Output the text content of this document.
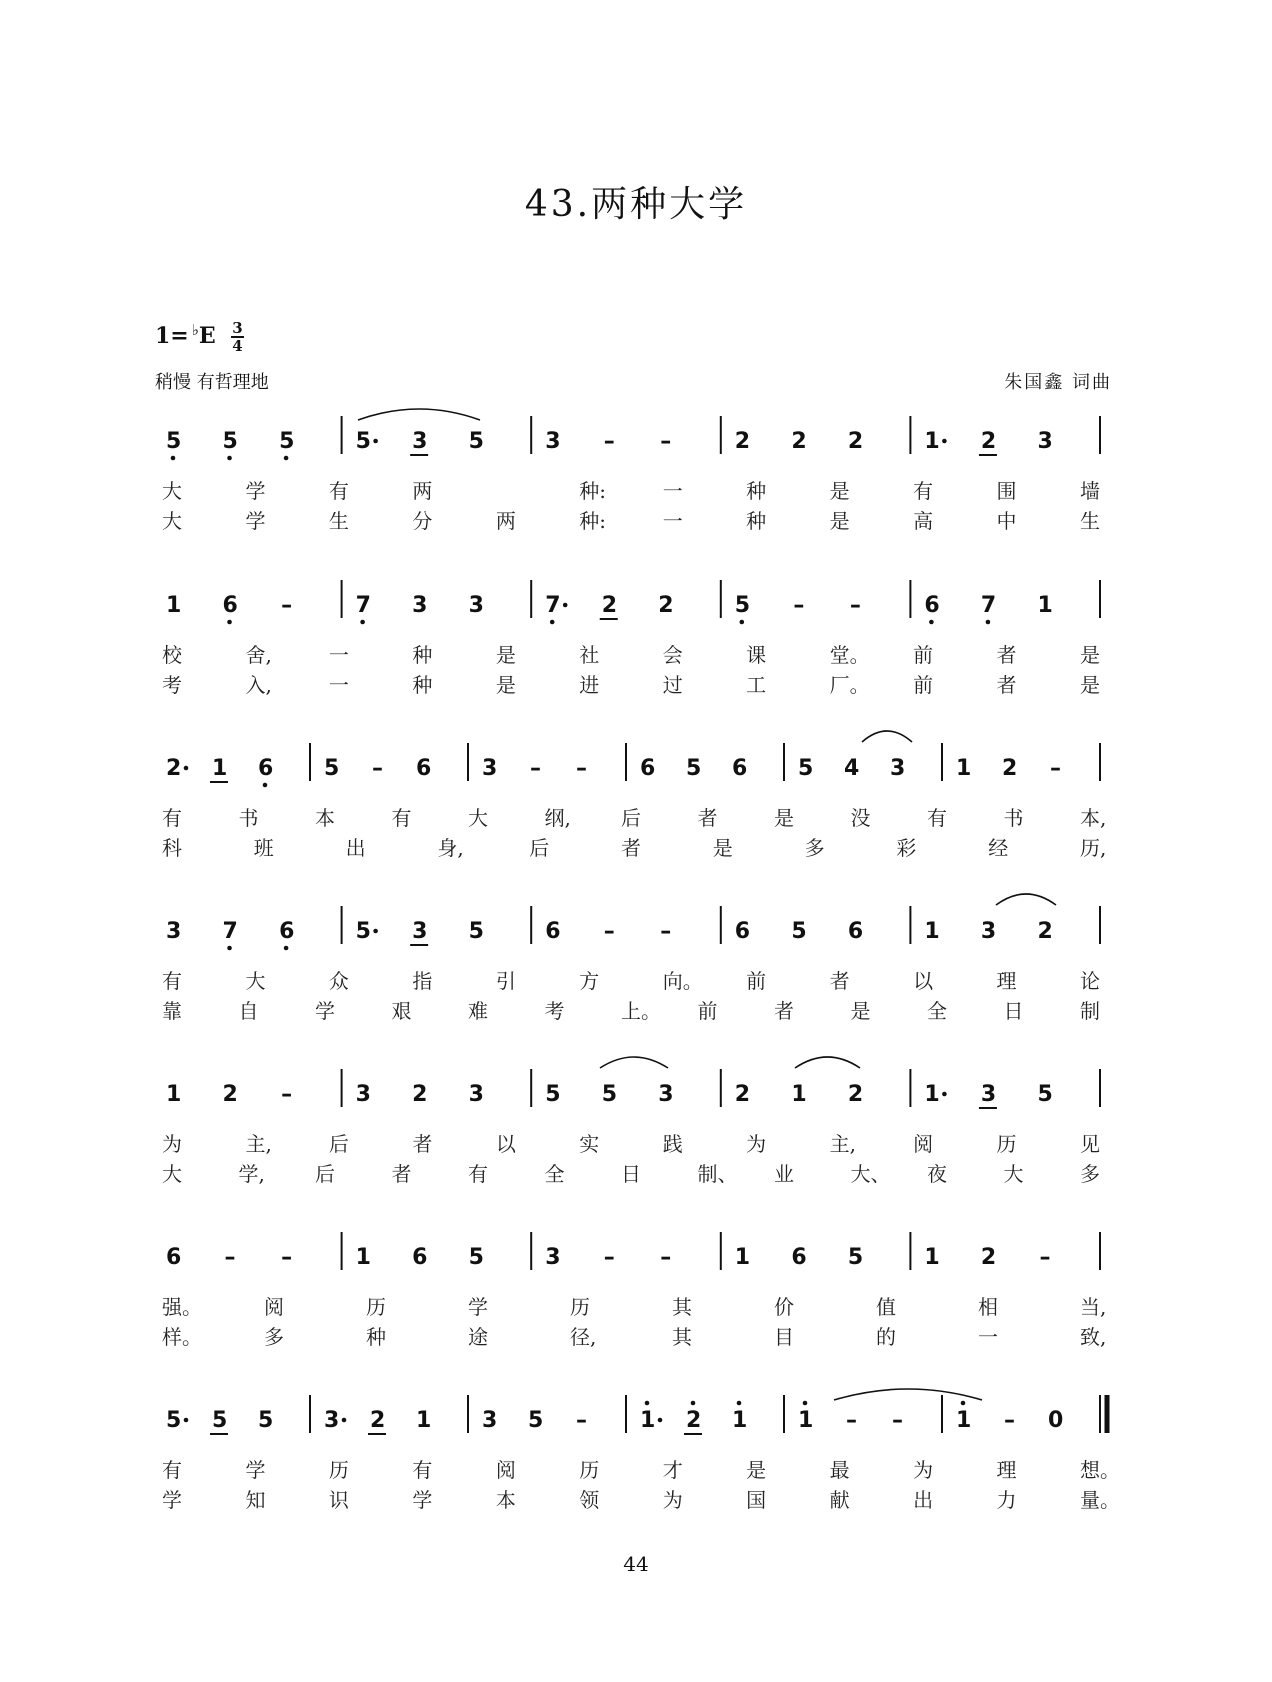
43.两种大学
$1= ^♭E \frac{3}{4}$
稍慢 有哲理地	朱国鑫 词曲
5 5 5	5 3 5	3 – –	2 2 2	1 2 3
大	学	有	两	种:	一	种	是	有	围	墙
大	学	生	分	两	种:	一	种	是	高	中	生
1 6 –	7 3 3	7 2 2	5 – –	6 7 1
校	舍,	一	种	是	社	会	课	堂。 前	者	是
考	入,	一	种	是	进	过	工	厂。 前	者	是
2 1 6 5 – 6 3 – – 6 5 6 5 4 3 1 2 –
有	书	本	有	大	纲,	后	者	是	没	有	书	本,
科	班	出	身,	后	者	是	多	彩	经	历,
3 7 6	5 3 5	6 – –	6 5 6	1 3 2
有	大	众	指	引	方	向。 前	者	以	理	论
靠	自	学	艰	难	考	上。 前	者	是	全	日	制
1 2 –	3 2 3	5 5 3	2 1 2	1 3 5
为	主,	后	者	以	实	践	为	主,	阅	历	见
大	学,	后	者	有	全	日	制、 业	大、 夜	大	多
6 – –	1 6 5	3 – –	1 6 5	1 2 –
强。	阅	历	学	历	其	价	值	相	当,
样。	多	种	途	径,	其	目	的	一	致,
5 5 5 3 2 1 3 5 – 1 2 1 1 – – 1 – 0
有	学	历	有	阅	历	才	是	最	为	理	想。
学	知	识	学	本	领	为	国	献	出	力	量。
44
